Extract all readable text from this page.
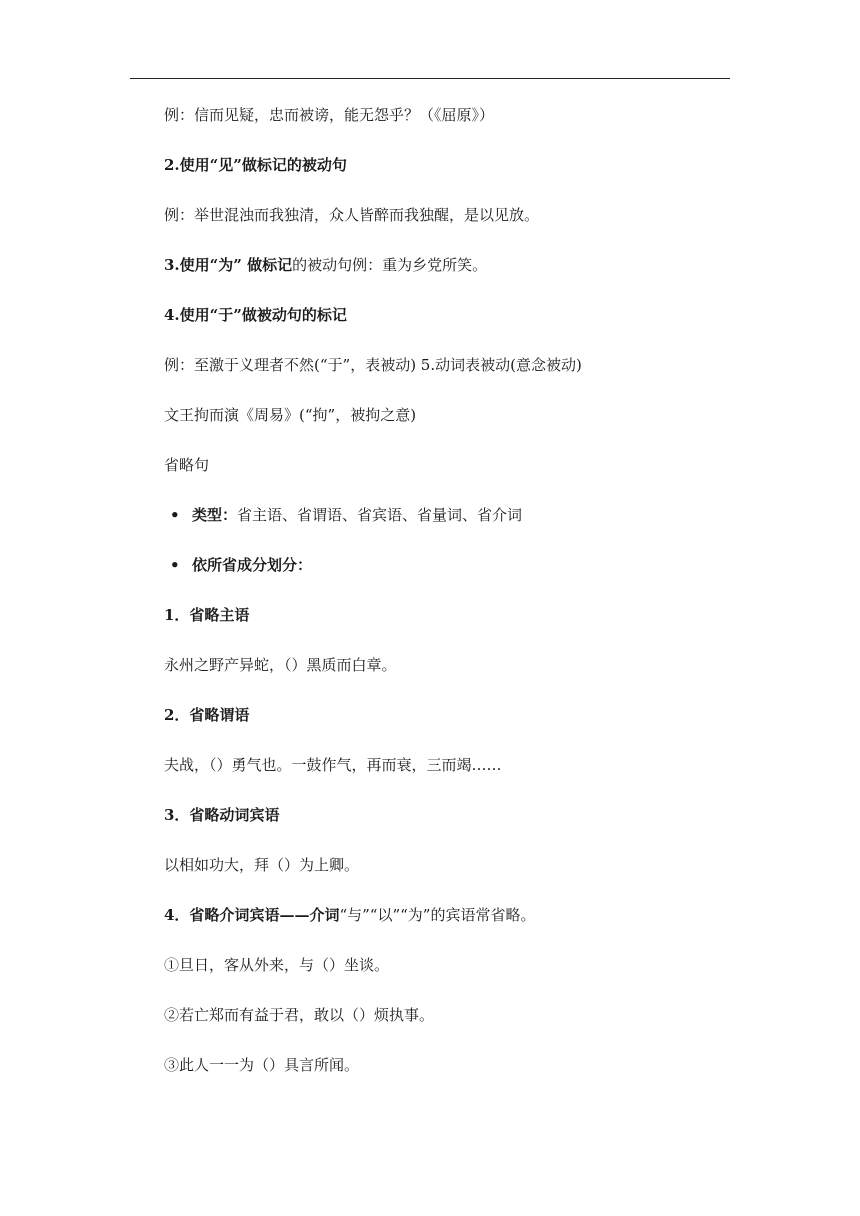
例：信而见疑，忠而被谤，能无怨乎？（《屈原》）
2.使用“见”做标记的被动句
例：举世混浊而我独清，众人皆醉而我独醒，是以见放。
3.使用“为” 做标记的被动句例：重为乡党所笑。
4.使用“于”做被动句的标记
例：至激于义理者不然(“于”，表被动) 5.动词表被动(意念被动)
文王拘而演《周易》(“拘”，被拘之意)
省略句
• 类型：省主语、省谓语、省宾语、省量词、省介词
• 依所省成分划分：
1．省略主语
永州之野产异蛇，（）黑质而白章。
2．省略谓语
夫战，（）勇气也。一鼓作气，再而衰，三而竭……
3．省略动词宾语
以相如功大，拜（）为上卿。
4．省略介词宾语——介词“与”“以”“为”的宾语常省略。
①旦日，客从外来，与（）坐谈。
②若亡郑而有益于君，敢以（）烦执事。
③此人一一为（）具言所闻。
